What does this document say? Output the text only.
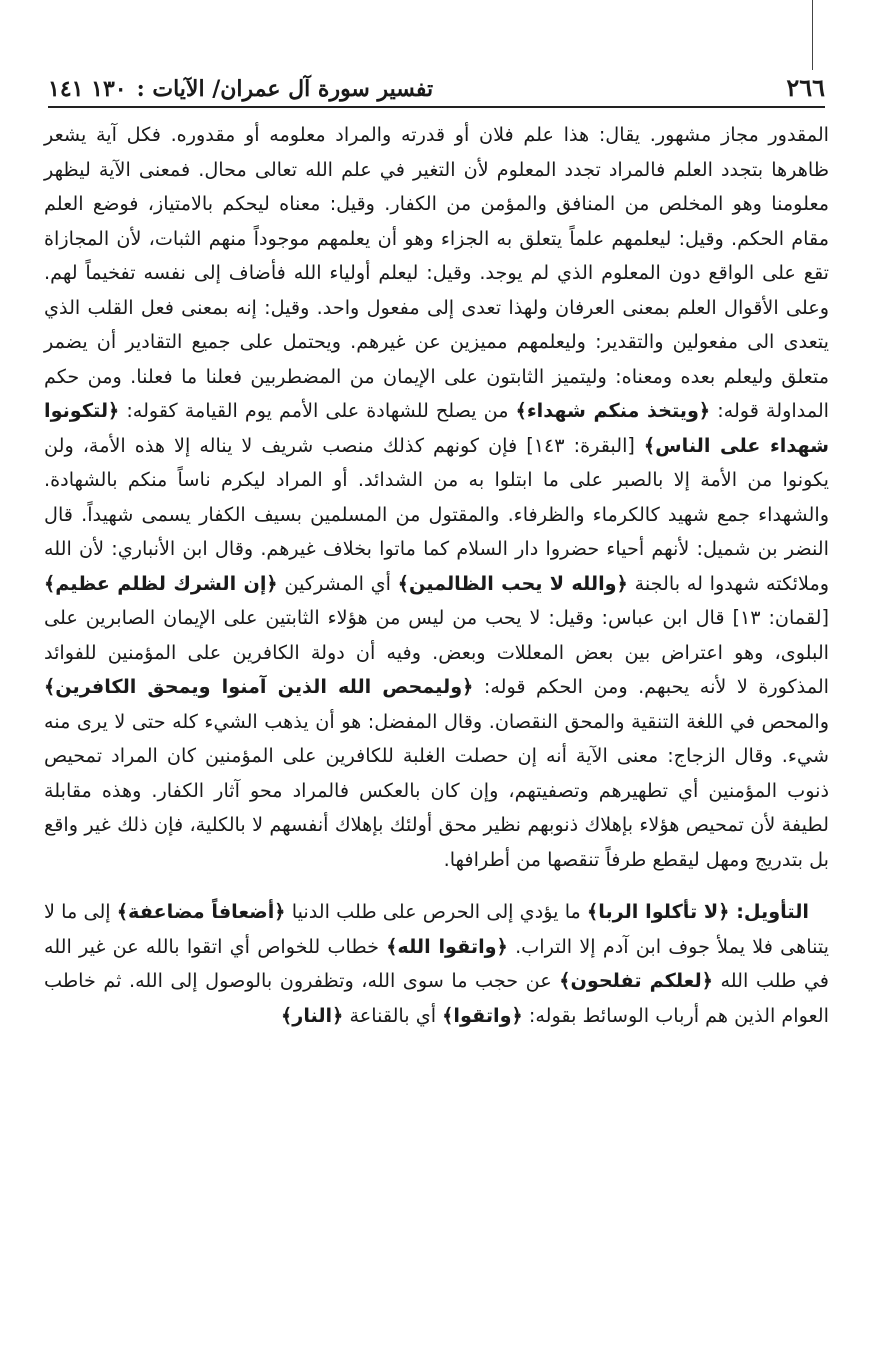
٢٦٦
تفسير سورة آل عمران/ الآيات :
١٣٠ ١٤١

المقدور مجاز مشهور. يقال: هذا علم فلان أو قدرته والمراد معلومه أو مقدوره. فكل آية يشعر ظاهرها بتجدد العلم فالمراد تجدد المعلوم لأن التغير في علم الله تعالى محال. فمعنى الآية ليظهر معلومنا وهو المخلص من المنافق والمؤمن من الكفار. وقيل: معناه ليحكم بالامتياز، فوضع العلم مقام الحكم. وقيل: ليعلمهم علماً يتعلق به الجزاء وهو أن يعلمهم موجوداً منهم الثبات، لأن المجازاة تقع على الواقع دون المعلوم الذي لم يوجد. وقيل: ليعلم أولياء الله فأضاف إلى نفسه تفخيماً لهم. وعلى الأقوال العلم بمعنى العرفان ولهذا تعدى إلى مفعول واحد. وقيل: إنه بمعنى فعل القلب الذي يتعدى الى مفعولين والتقدير: وليعلمهم مميزين عن غيرهم. ويحتمل على جميع التقادير أن يضمر متعلق وليعلم بعده ومعناه: وليتميز الثابتون على الإيمان من المضطربين فعلنا ما فعلنا. ومن حكم المداولة قوله: ﴿ويتخذ منكم شهداء﴾ من يصلح للشهادة على الأمم يوم القيامة كقوله: ﴿لتكونوا شهداء على الناس﴾ [البقرة: ١٤٣] فإن كونهم كذلك منصب شريف لا يناله إلا هذه الأمة، ولن يكونوا من الأمة إلا بالصبر على ما ابتلوا به من الشدائد. أو المراد ليكرم ناساً منكم بالشهادة. والشهداء جمع شهيد كالكرماء والظرفاء. والمقتول من المسلمين بسيف الكفار يسمى شهيداً. قال النضر بن شميل: لأنهم أحياء حضروا دار السلام كما ماتوا بخلاف غيرهم. وقال ابن الأنباري: لأن الله وملائكته شهدوا له بالجنة ﴿والله لا يحب الظالمين﴾ أي المشركين ﴿إن الشرك لظلم عظيم﴾ [لقمان: ١٣] قال ابن عباس: وقيل: لا يحب من ليس من هؤلاء الثابتين على الإيمان الصابرين على البلوى، وهو اعتراض بين بعض المعللات وبعض. وفيه أن دولة الكافرين على المؤمنين للفوائد المذكورة لا لأنه يحبهم. ومن الحكم قوله: ﴿وليمحص الله الذين آمنوا ويمحق الكافرين﴾ والمحص في اللغة التنقية والمحق النقصان. وقال المفضل: هو أن يذهب الشيء كله حتى لا يرى منه شيء. وقال الزجاج: معنى الآية أنه إن حصلت الغلبة للكافرين على المؤمنين كان المراد تمحيص ذنوب المؤمنين أي تطهيرهم وتصفيتهم، وإن كان بالعكس فالمراد محو آثار الكفار. وهذه مقابلة لطيفة لأن تمحيص هؤلاء بإهلاك ذنوبهم نظير محق أولئك بإهلاك أنفسهم لا بالكلية، فإن ذلك غير واقع بل بتدريج ومهل ليقطع طرفاً تنقصها من أطرافها.

التأويل: ﴿لا تأكلوا الربا﴾ ما يؤدي إلى الحرص على طلب الدنيا ﴿أضعافاً مضاعفة﴾ إلى ما لا يتناهى فلا يملأ جوف ابن آدم إلا التراب. ﴿واتقوا الله﴾ خطاب للخواص أي اتقوا بالله عن غير الله في طلب الله ﴿لعلكم تفلحون﴾ عن حجب ما سوى الله، وتظفرون بالوصول إلى الله. ثم خاطب العوام الذين هم أرباب الوسائط بقوله: ﴿واتقوا﴾ أي بالقناعة ﴿النار﴾
